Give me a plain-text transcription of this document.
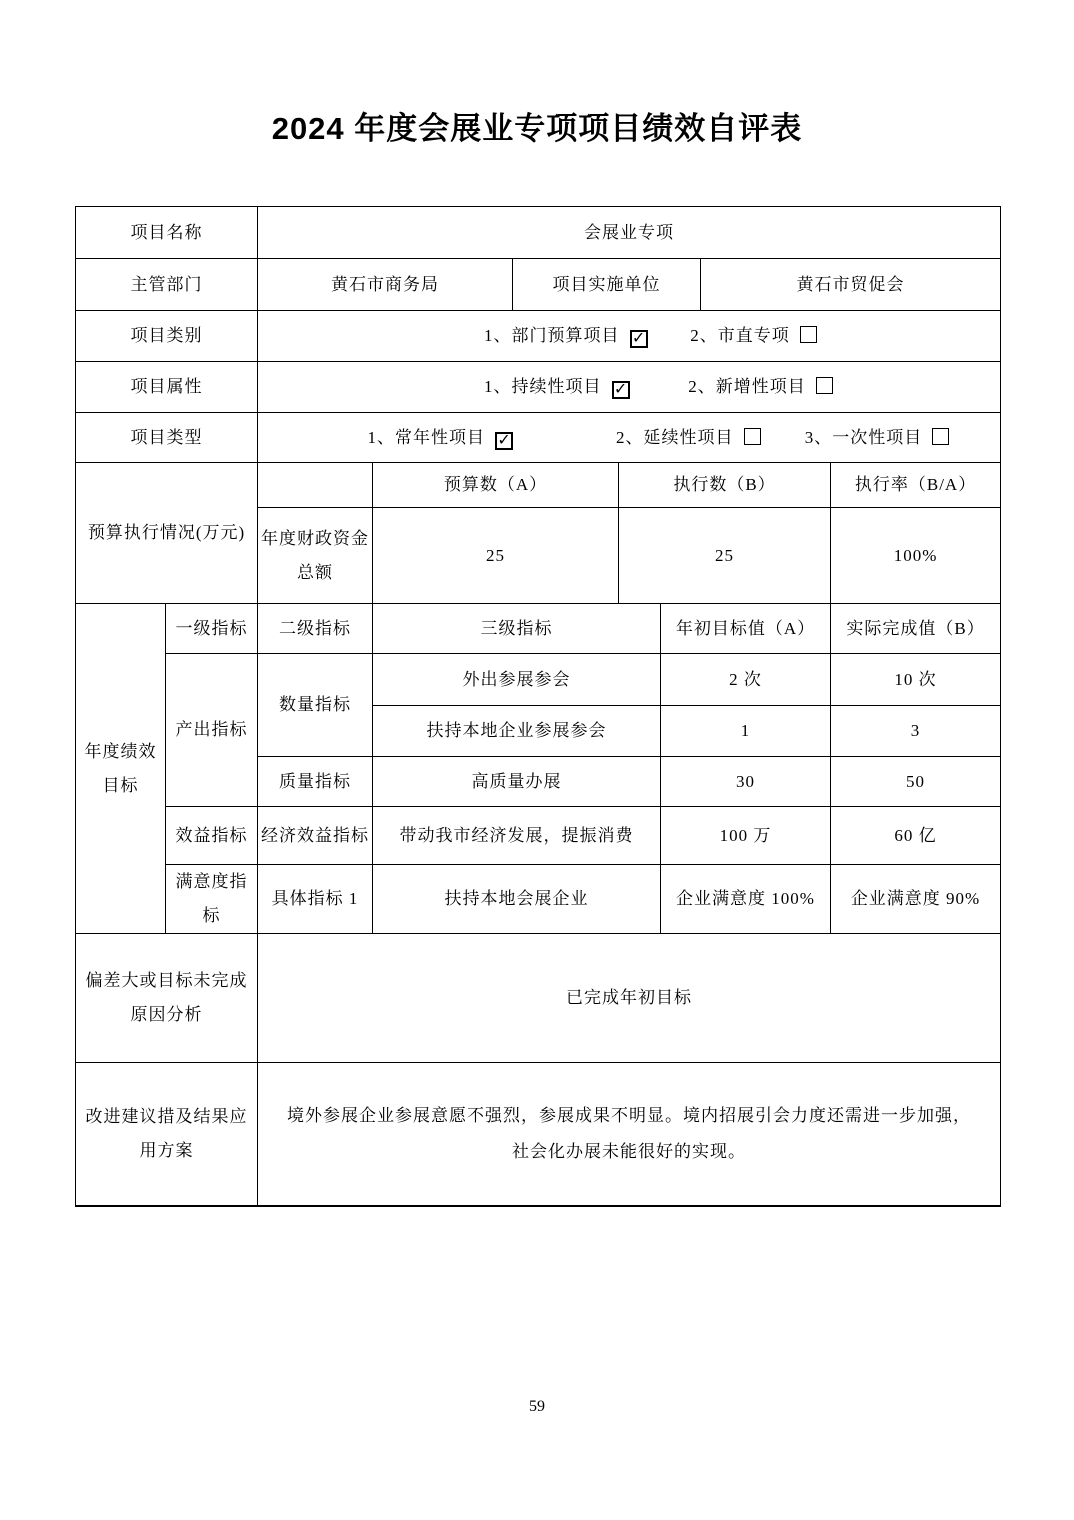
2024 年度会展业专项项目绩效自评表
项目名称		会展业专项						
主管部门		黄石市商务局		项目实施单位			黄石市贸促会	
项目类别		1、部门预算项目 ✓ 2、市直专项						
项目属性		1、持续性项目 ✓ 2、新增性项目						
项目类型		1、常年性项目 ✓ 2、延续性项目 3、一次性项目						
预算执行情况(万元)			预算数（A）		执行数（B）			执行率（B/A）
		年度财政资金总额	25		25			100%
年度绩效目标	一级指标	二级指标	三级指标			年初目标值（A）		实际完成值（B）
	产出指标	数量指标	外出参展参会			2 次		10 次
			扶持本地企业参展参会			1		3
		质量指标	高质量办展			30		50
	效益指标	经济效益指标	带动我市经济发展，提振消费			100 万		60 亿
	满意度指标	具体指标 1	扶持本地会展企业			企业满意度 100%		企业满意度 90%
偏差大或目标未完成原因分析		已完成年初目标						
改进建议措及结果应用方案		境外参展企业参展意愿不强烈，参展成果不明显。境内招展引会力度还需进一步加强，
社会化办展未能很好的实现。						
59
